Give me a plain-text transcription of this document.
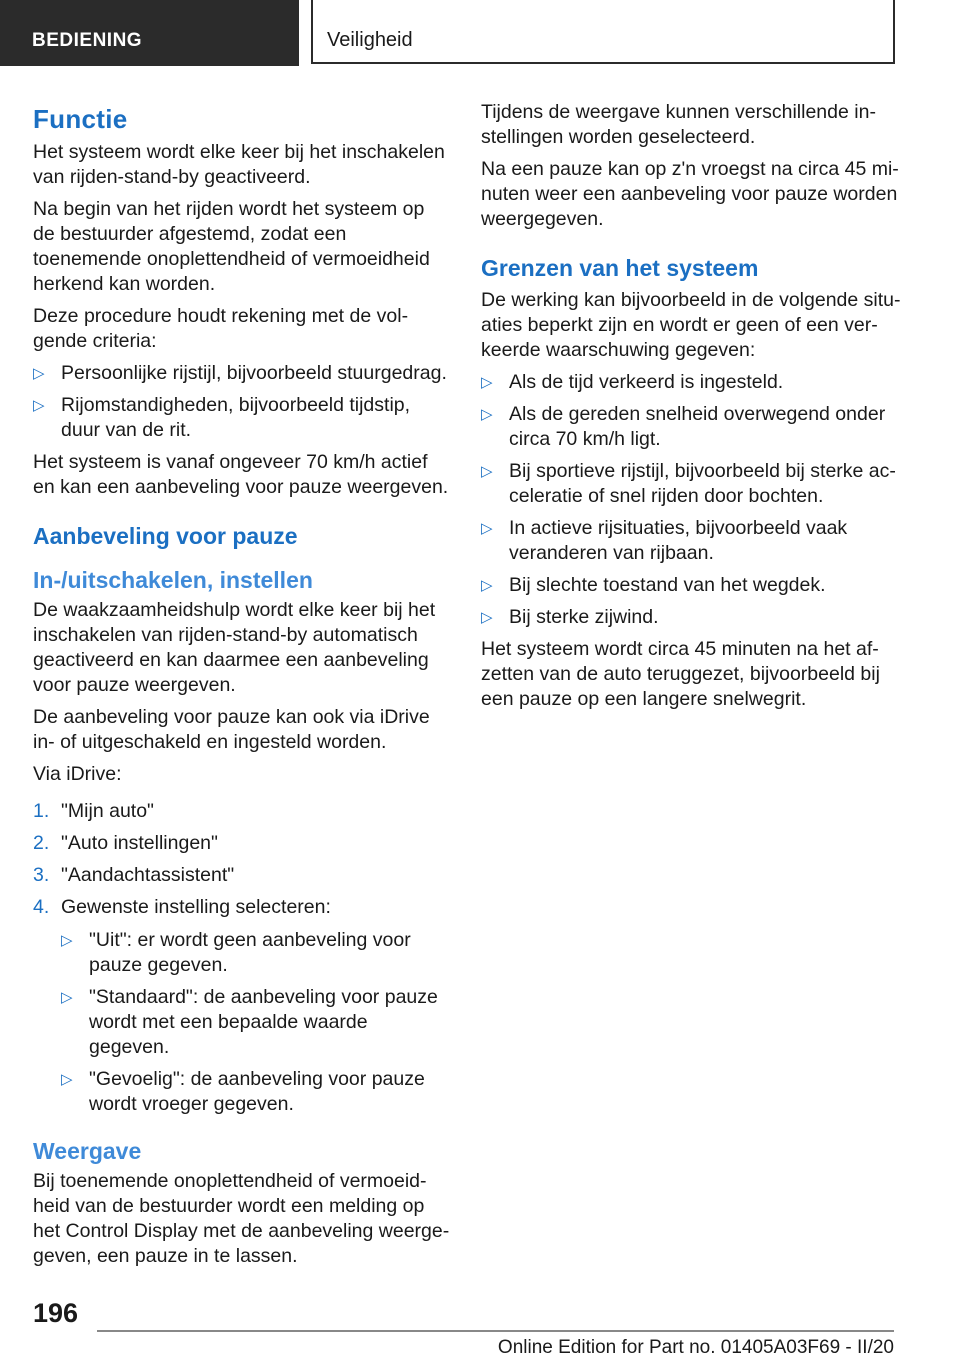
BEDIENING	Veiligheid
Functie

Het systeem wordt elke keer bij het inschakelen van rijden-stand-by geactiveerd.

Na begin van het rijden wordt het systeem op de bestuurder afgestemd, zodat een toenemende onoplettendheid of vermoeidheid herkend kan worden.

Deze procedure houdt rekening met de volgende criteria:

▷ Persoonlijke rijstijl, bijvoorbeeld stuurgedrag.
▷ Rijomstandigheden, bijvoorbeeld tijdstip, duur van de rit.

Het systeem is vanaf ongeveer 70 km/h actief en kan een aanbeveling voor pauze weergeven.

Aanbeveling voor pauze
In-/uitschakelen, instellen

De waakzaamheidshulp wordt elke keer bij het inschakelen van rijden-stand-by automatisch geactiveerd en kan daarmee een aanbeveling voor pauze weergeven.

De aanbeveling voor pauze kan ook via iDrive in- of uitgeschakeld en ingesteld worden.

Via iDrive:

1. "Mijn auto"
2. "Auto instellingen"
3. "Aandachtassistent"
4. Gewenste instelling selecteren:
▷ "Uit": er wordt geen aanbeveling voor pauze gegeven.
▷ "Standaard": de aanbeveling voor pauze wordt met een bepaalde waarde gegeven.
▷ "Gevoelig": de aanbeveling voor pauze wordt vroeger gegeven.
Weergave

Bij toenemende onoplettendheid of vermoeidheid van de bestuurder wordt een melding op het Control Display met de aanbeveling weergegeven, een pauze in te lassen.

Tijdens de weergave kunnen verschillende instellingen worden geselecteerd.

Na een pauze kan op z'n vroegst na circa 45 minuten weer een aanbeveling voor pauze worden weergegeven.

Grenzen van het systeem

De werking kan bijvoorbeeld in de volgende situaties beperkt zijn en wordt er geen of een verkeerde waarschuwing gegeven:

▷ Als de tijd verkeerd is ingesteld.
▷ Als de gereden snelheid overwegend onder circa 70 km/h ligt.
▷ Bij sportieve rijstijl, bijvoorbeeld bij sterke acceleratie of snel rijden door bochten.
▷ In actieve rijsituaties, bijvoorbeeld vaak veranderen van rijbaan.
▷ Bij slechte toestand van het wegdek.
▷ Bij sterke zijwind.

Het systeem wordt circa 45 minuten na het afzetten van de auto teruggezet, bijvoorbeeld bij een pauze op een langere snelwegrit.

196
Online Edition for Part no. 01405A03F69 - II/20
